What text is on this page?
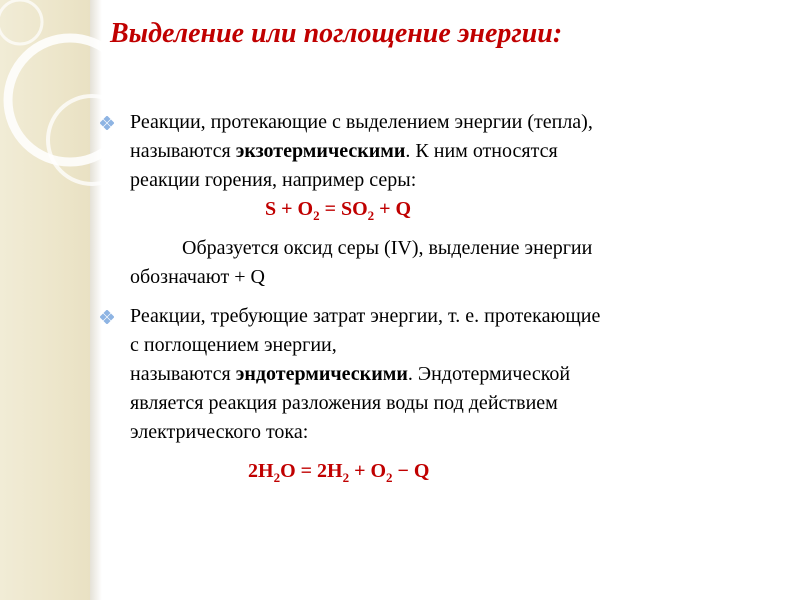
Выделение или поглощение энергии:
Реакции, протекающие с выделением энергии (тепла),
называются экзотермическими. К ним относятся
реакции горения, например серы:
$S + O_2 = SO_2 + Q$
Образуется оксид серы (IV), выделение энергии
обозначают + Q
Реакции, требующие затрат энергии, т. е. протекающие
с поглощением энергии,
называются эндотермическими. Эндотермической
является реакция разложения воды под действием
электрического тока:
$2H_2O = 2H_2 + O_2 - Q$
